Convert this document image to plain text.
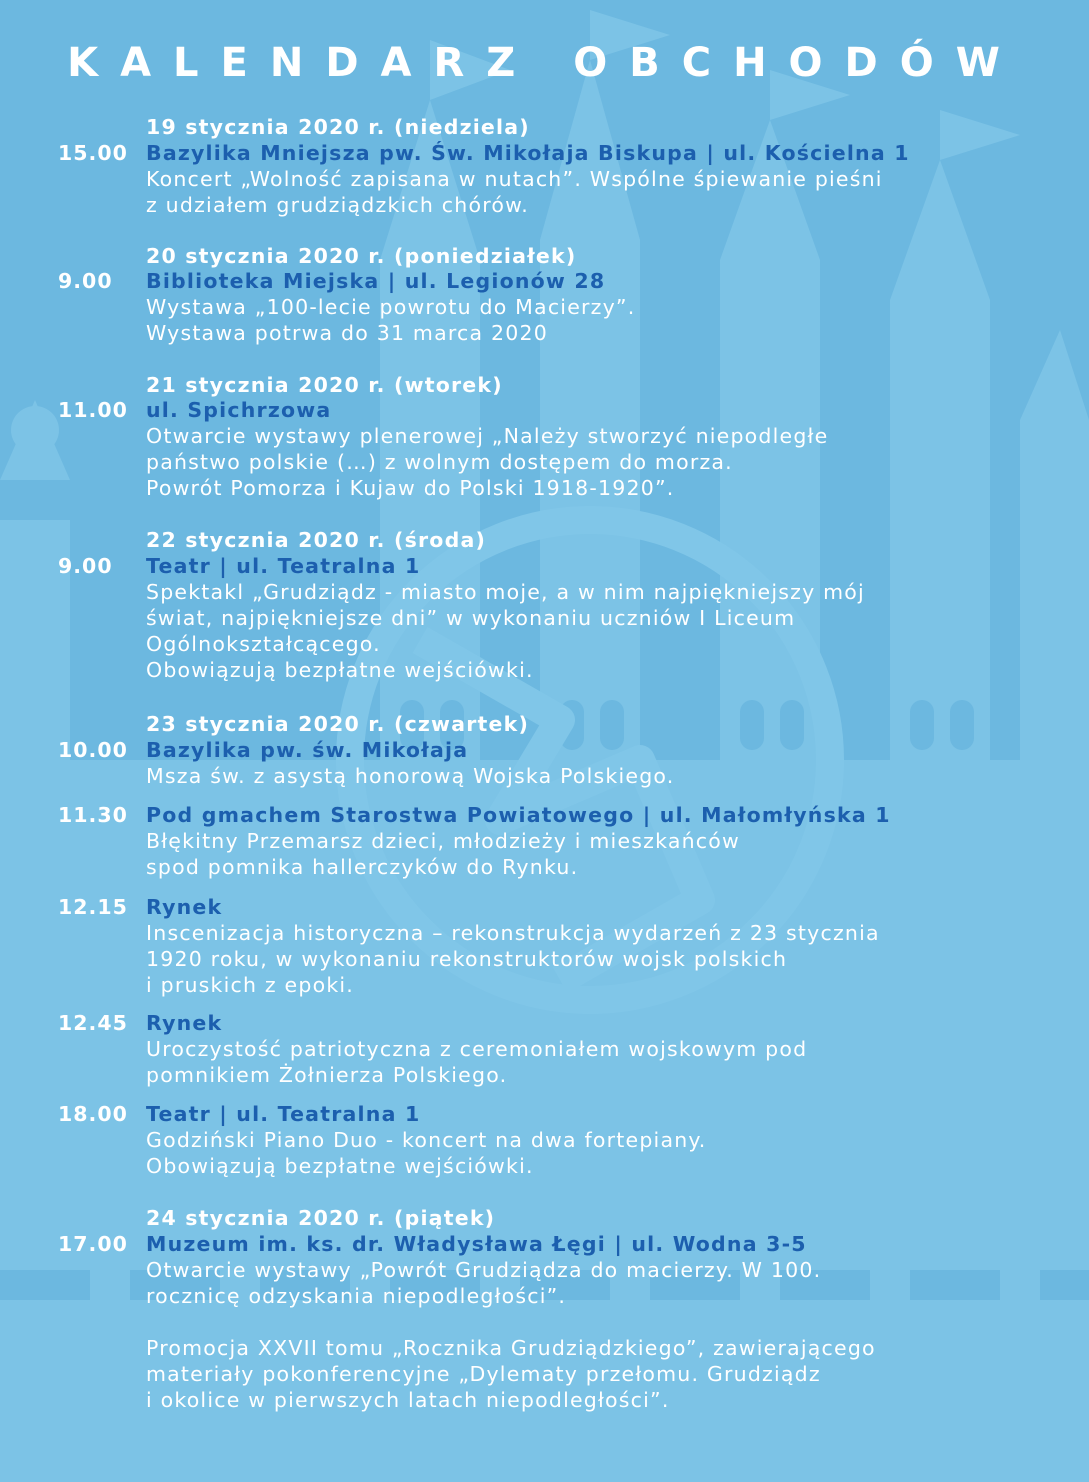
KALENDARZ OBCHODÓW
19 stycznia 2020 r. (niedziela)
15.00 Bazylika Mniejsza pw. Św. Mikołaja Biskupa | ul. Kościelna 1
Koncert „Wolność zapisana w nutach”. Wspólne śpiewanie pieśni
z udziałem grudziądzkich chórów.
20 stycznia 2020 r. (poniedziałek)
9.00 Biblioteka Miejska | ul. Legionów 28
Wystawa „100-lecie powrotu do Macierzy”.
Wystawa potrwa do 31 marca 2020
21 stycznia 2020 r. (wtorek)
11.00 ul. Spichrzowa
Otwarcie wystawy plenerowej „Należy stworzyć niepodległe
państwo polskie (…) z wolnym dostępem do morza.
Powrót Pomorza i Kujaw do Polski 1918-1920”.
22 stycznia 2020 r. (środa)
9.00 Teatr | ul. Teatralna 1
Spektakl „Grudziądz - miasto moje, a w nim najpiękniejszy mój
świat, najpiękniejsze dni” w wykonaniu uczniów I Liceum
Ogólnokształcącego.
Obowiązują bezpłatne wejściówki.
23 stycznia 2020 r. (czwartek)
10.00 Bazylika pw. św. Mikołaja
Msza św. z asystą honorową Wojska Polskiego.
11.30 Pod gmachem Starostwa Powiatowego | ul. Małomłyńska 1
Błękitny Przemarsz dzieci, młodzieży i mieszkańców
spod pomnika hallerczyków do Rynku.
12.15 Rynek
Inscenizacja historyczna – rekonstrukcja wydarzeń z 23 stycznia
1920 roku, w wykonaniu rekonstruktorów wojsk polskich
i pruskich z epoki.
12.45 Rynek
Uroczystość patriotyczna z ceremoniałem wojskowym pod
pomnikiem Żołnierza Polskiego.
18.00 Teatr | ul. Teatralna 1
Godziński Piano Duo - koncert na dwa fortepiany.
Obowiązują bezpłatne wejściówki.
24 stycznia 2020 r. (piątek)
17.00 Muzeum im. ks. dr. Władysława Łęgi | ul. Wodna 3-5
Otwarcie wystawy „Powrót Grudziądza do macierzy. W 100.
rocznicę odzyskania niepodległości”.
Promocja XXVII tomu „Rocznika Grudziądzkiego”, zawierającego
materiały pokonferencyjne „Dylematy przełomu. Grudziądz
i okolice w pierwszych latach niepodległości”.
